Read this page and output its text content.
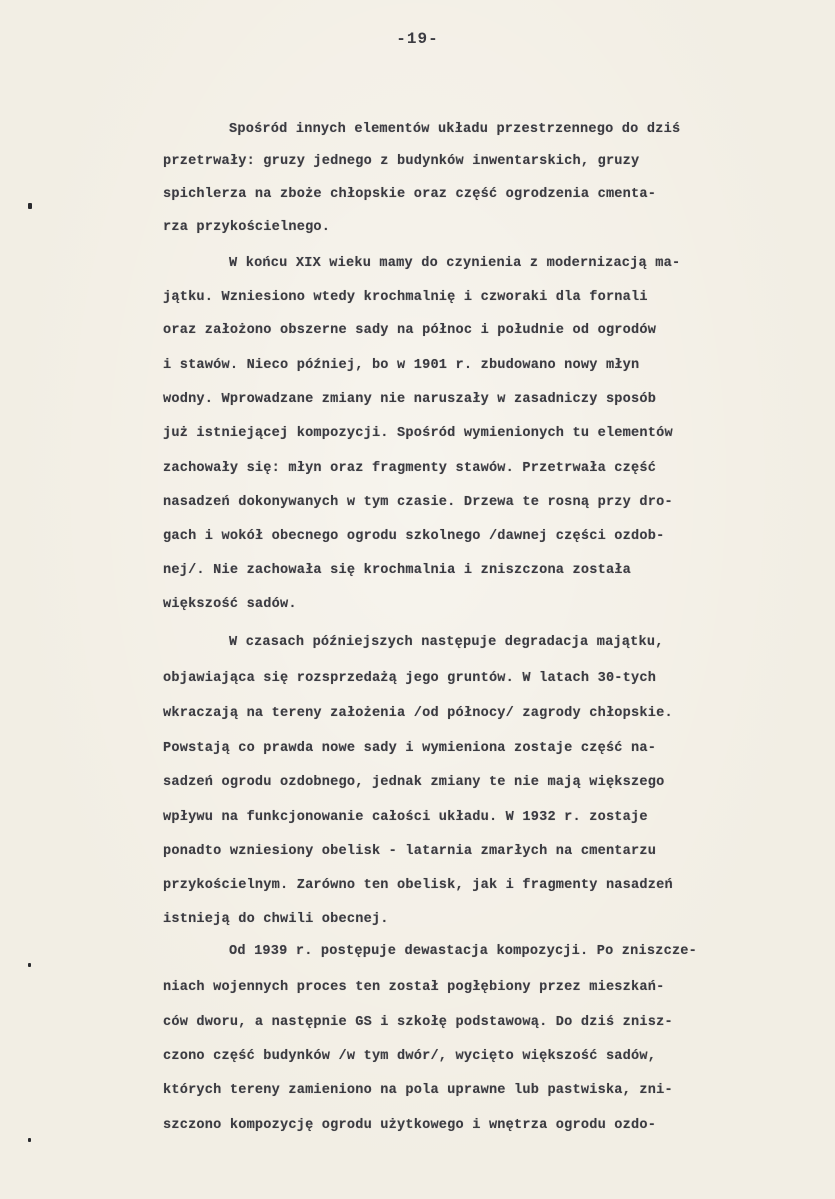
-19-
Spośród innych elementów układu przestrzennego do dziś
przetrwały: gruzy jednego z budynków inwentarskich, gruzy
spichlerza na zboże chłopskie oraz część ogrodzenia cmenta-
rza przykościelnego.
W końcu XIX wieku mamy do czynienia z modernizacją ma-
jątku. Wzniesiono wtedy krochmalnię i czworaki dla fornali
oraz założono obszerne sady na północ i południe od ogrodów
i stawów. Nieco później, bo w 1901 r. zbudowano nowy młyn
wodny. Wprowadzane zmiany nie naruszały w zasadniczy sposób
już istniejącej kompozycji. Spośród wymienionych tu elementów
zachowały się: młyn oraz fragmenty stawów. Przetrwała część
nasadzeń dokonywanych w tym czasie. Drzewa te rosną przy dro-
gach i wokół obecnego ogrodu szkolnego /dawnej części ozdob-
nej/. Nie zachowała się krochmalnia i zniszczona została
większość sadów.
W czasach późniejszych następuje degradacja majątku,
objawiająca się rozsprzedażą jego gruntów. W latach 30-tych
wkraczają na tereny założenia /od północy/ zagrody chłopskie.
Powstają co prawda nowe sady i wymieniona zostaje część na-
sadzeń ogrodu ozdobnego, jednak zmiany te nie mają większego
wpływu na funkcjonowanie całości układu. W 1932 r. zostaje
ponadto wzniesiony obelisk - latarnia zmarłych na cmentarzu
przykościelnym. Zarówno ten obelisk, jak i fragmenty nasadzeń
istnieją do chwili obecnej.
Od 1939 r. postępuje dewastacja kompozycji. Po zniszcze-
niach wojennych proces ten został pogłębiony przez mieszkań-
ców dworu, a następnie GS i szkołę podstawową. Do dziś znisz-
czono część budynków /w tym dwór/, wycięto większość sadów,
których tereny zamieniono na pola uprawne lub pastwiska, zni-
szczono kompozycję ogrodu użytkowego i wnętrza ogrodu ozdo-
